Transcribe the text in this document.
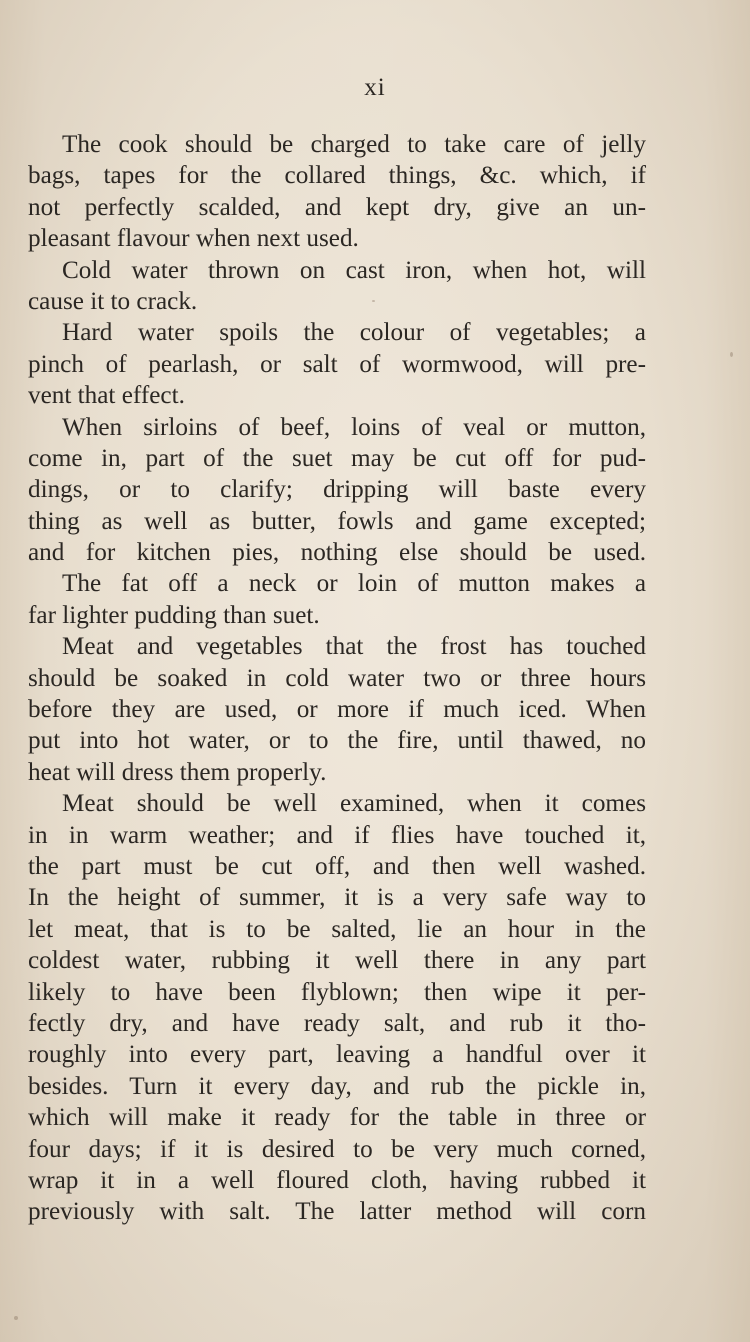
xi
The cook should be charged to take care of jelly
bags, tapes for the collared things, &c. which, if
not perfectly scalded, and kept dry, give an un-
pleasant flavour when next used.
Cold water thrown on cast iron, when hot, will
cause it to crack.
Hard water spoils the colour of vegetables; a
pinch of pearlash, or salt of wormwood, will pre-
vent that effect.
When sirloins of beef, loins of veal or mutton,
come in, part of the suet may be cut off for pud-
dings, or to clarify; dripping will baste every
thing as well as butter, fowls and game excepted;
and for kitchen pies, nothing else should be used.
The fat off a neck or loin of mutton makes a
far lighter pudding than suet.
Meat and vegetables that the frost has touched
should be soaked in cold water two or three hours
before they are used, or more if much iced. When
put into hot water, or to the fire, until thawed, no
heat will dress them properly.
Meat should be well examined, when it comes
in in warm weather; and if flies have touched it,
the part must be cut off, and then well washed.
In the height of summer, it is a very safe way to
let meat, that is to be salted, lie an hour in the
coldest water, rubbing it well there in any part
likely to have been flyblown; then wipe it per-
fectly dry, and have ready salt, and rub it tho-
roughly into every part, leaving a handful over it
besides. Turn it every day, and rub the pickle in,
which will make it ready for the table in three or
four days; if it is desired to be very much corned,
wrap it in a well floured cloth, having rubbed it
previously with salt. The latter method will corn
